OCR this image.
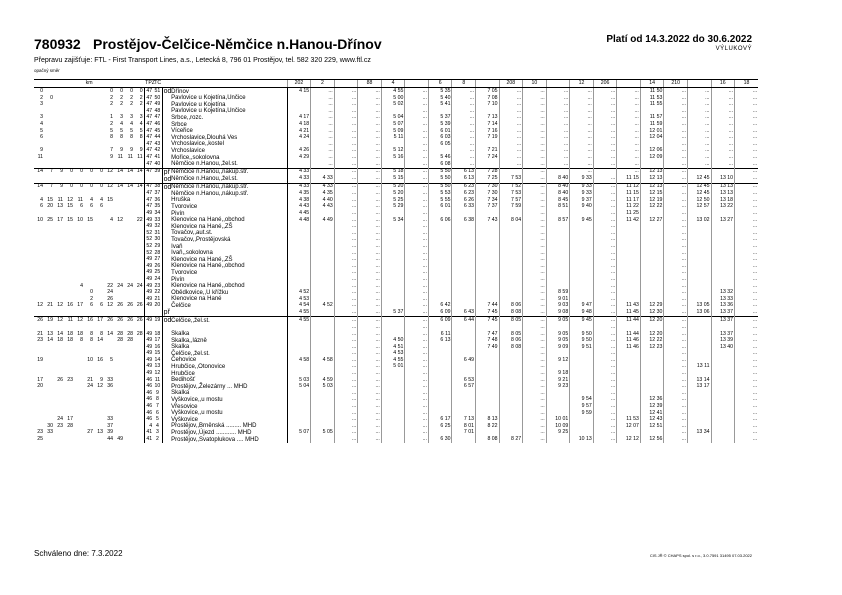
780932 Prostějov-Čelčice-Němčice n.Hanou-Dřínov	Platí od 14.3.2022 do 30.6.2022
VÝLUKOVÝ
Přepravu zajišťuje: FTL - First Transport Lines, a.s., Letecká 8, 796 01 Prostějov, tel. 582 320 229, www.ftl.cz
opačný směr
km											TPZ	TČ			202	2		88	4		6	8		208	10		12	206		14	210		16	18
0							0	0	0	0	47	51	od	Dřínov	4 15	...	...	...	4 55	...	5 35	...	7 05	...	...	...	...	...	...	11 50	...	...	...	...
2	0						2	2	2	2	47	50		Pavlovice u Kojetína,Unčice		...	...	...	5 00	...	5 40	...	7 08	...	...	...	...	...	...	11 53	...	...	...	...
3							2	2	2	2	47	49		Pavlovice u Kojetína		...	...	...	5 02	...	5 41	...	7 10	...	...	...	...	...	...	11 55	...	...	...	...
											47	48		Pavlovice u Kojetína,Unčice		...	...	...		...		...		...	...	...	...	...	...		...	...	...	...
3							1	3	3	3	47	47		Srbce,,rozc.	4 17	...	...	...	5 04	...	5 37	...	7 13	...	...	...	...	...	...	11 57	...	...	...	...
4							2	4	4	4	47	46		Srbce	4 18	...	...	...	5 07	...	5 39	...	7 14	...	...	...	...	...	...	11 59	...	...	...	...
5							5	5	5	5	47	45		Víceřice	4 21	...	...	...	5 09	...	6 01	...	7 16	...	...	...	...	...	...	12 01	...	...	...	...
6							8	8	8	8	47	44		Vrchoslavice,Dlouhá Ves	4 24	...	...	...	5 11	...	6 03	...	7 19	...	...	...	...	...	...	12 04	...	...	...	...
											47	43		Vrchoslavice,,kostel		...	...	...		...	6 05	...		...	...	...	...	...	...		...	...	...	...
9							7	9	9	9	47	42		Vrchoslavice	4 26	...	...	...	5 12	...		...	7 21	...	...	...	...	...	...	12 06	...	...	...	...
11							9	11	11	11	47	41		Mořice,,sokolovna	4 29	...	...	...	5 16	...	5 46	...	7 24	...	...	...	...	...	...	12 09	...	...	...	...
											47	40		Němčice n.Hanou,,žel.st.		...	...	...		...	6 08	...		...	...	...	...	...	...		...	...	...	...
14	7	9	0	0	0	0	12	14	14	14	47	39	př	Němčice n.Hanou,,nákup.stř.	4 33		...	...	5 18	...	5 50	6 13	7 28		...		...		...	12 13	...			...
													od	Němčice n.Hanou,,žel.st.	4 33	4 33	...	...	5 15	...	5 50	6 13	7 25	7 53	...	8 40	9 33	...	11 15	12 13	...	12 45	13 10	...
14	7	9	0	0	0	0	12	14	14	14	47	38	od	Němčice n.Hanou,,nákup.stř.	4 33	4 33	...	...	5 20	...	5 50	6 23	7 30	7 52	...	8 40	9 33	...	11 12	12 13	...	12 45	13 13	...
											47	37		Němčice n.Hanou,,nákup.stř.	4 35	4 35	...	...	5 20	...	5 53	6 23	7 30	7 53	...	8 40	9 33	...	11 15	12 15	...	12 45	13 13	...
4	15	11	12	11	4	4	15				47	36		Hruška	4 38	4 40	...	...	5 25	...	5 55	6 26	7 34	7 57	...	8 45	9 37	...	11 17	12 19	...	12 50	13 18	...
6	20	13	15	6	6	6					47	35		Tvorovice	4 43	4 43	...	...	5 29	...	6 01	6 33	7 37	7 59	...	8 51	9 40	...	11 22	12 22	...	12 57	13 22	...
											49	34		Pivín	4 45		...	...		...					...			...	11 25		...			...
10	25	17	15	10	15		4	12		22	49	33		Klenovice na Hané,,obchod	4 48	4 49	...	...	5 34	...	6 06	6 38	7 43	8 04	...	8 57	9 45	...	11 42	12 27	...	13 02	13 27	...
											49	32		Klenovice na Hané,,ZŠ			...	...		...					...			...			...			...
											52	31		Tovačov,,aut.st.			...	...		...					...			...			...			...
											52	30		Tovačov,,Prostějovská			...	...		...					...			...			...			...
											52	29		Ivaň			...	...		...					...			...			...			...
											52	28		Ivaň,,sokolovna			...	...		...					...			...			...			...
											49	27		Klenovice na Hané,,ZŠ			...	...		...					...			...			...			...
											49	26		Klenovice na Hané,,obchod			...	...		...					...			...			...			...
											49	25		Tvorovice			...	...		...					...			...			...			...
											49	24		Pivín			...	...		...					...			...			...			...
				4			22	24	24	24	49	23		Klenovice na Hané,,obchod			...	...		...					...			...			...			...
					0		24				49	22		Obědkovice,,U křížku	4 52		...	...		...					...	8 59		...			...		13 32	...
					2		26				49	21		Klenovice na Hané	4 53		...	...		...					...	9 01		...			...		13 33	...
12	21	12	16	17	6	6	12	26	26	26	49	20		Čelčice	4 54	4 52	...	...		...	6 42		7 44	8 06	...	9 03	9 47	...	11 43	12 29	...	13 05	13 36	...
													př		4 55		...	...	5 37	...	6 09	6 43	7 45	8 08	...	9 08	9 48	...	11 45	12 30	...	13 06	13 37	...
26	19	12	11	12	16	17	26	26	26	26	49	19	od	Čelčice,,žel.st.	4 55		...	...		...	6 09	6 44	7 45	8 05	...	9 05	9 45	...	11 44	12 20	...		13 37	...
																	...	...		...					...			...			...			...
21	13	14	18	18	8	8	14	28	28	28	49	18		Skalka			...	...		...	6 11		7 47	8 05	...	9 05	9 50	...	11 44	12 20	...		13 37	...
23	14	18	18	8	8	14		28	28		49	17		Skalka,,lázně			...	...	4 50	...	6 13		7 48	8 06	...	9 05	9 50	...	11 46	12 22	...		13 39	...
											49	16		Skalka			...	...	4 51	...			7 49	8 08	...	9 09	9 51	...	11 46	12 23	...		13 40	...
											49	15		Čelčice,,žel.st.			...	...	4 53	...					...			...			...			...
19					10	16	5				49	14		Čehovice	4 58	4 58	...	...	4 55	...		6 49			...	9 12		...			...			...
											49	13		Hrubčice,,Otonovice			...	...	5 01	...					...			...			...	13 11		...
											49	12		Hrubčice			...	...		...					...	9 18		...			...			...
17		26	23		21	9	33				46	11		Bedihošť	5 03	4 59	...	...		...		6 53			...	9 21		...			...	13 14		...
20					24	12	36				46	10		Prostějov,,Železárny ... MHD	5 04	5 03	...	...		...		6 57			...	9 23		...			...	13 17		...
											46	9		Skalka			...	...		...					...			...			...			...
											46	8		Vyškovice,,u mostu			...	...		...					...		9 54	...		12 36	...			...
											46	7		Vřesovice			...	...		...					...		9 57	...		12 39	...			...
											46	6		Vyškovice,,u mostu			...	...		...					...		9 59	...		12 41	...			...
		24	17				33				46	5		Vyškovice			...	...		...	6 17	7 13	8 13		...	10 01		...	11 53	12 43	...			...
	30	23	28				37				4	4		Prostějov,,Brněnská ......... MHD			...	...		...	6 25	8 01	8 22		...	10 09		...	12 07	12 51	...			...
23	33				27	13	39				41	3		Prostějov,,Újezd ............ MHD	5 07	5 05	...	...		...		7 01			...	9 25		...			...	13 34		...
25							44	49			41	2		Prostějov,,Svatoplukova .... MHD			...	...		...	6 30		8 08	8 27	...		10 13	...	12 12	12 56	...			...
Schváleno dne: 7.3.2022	CIS JŘ © CHAPS spol. s r.o., 3.0.7591 31495 07.03.2022
